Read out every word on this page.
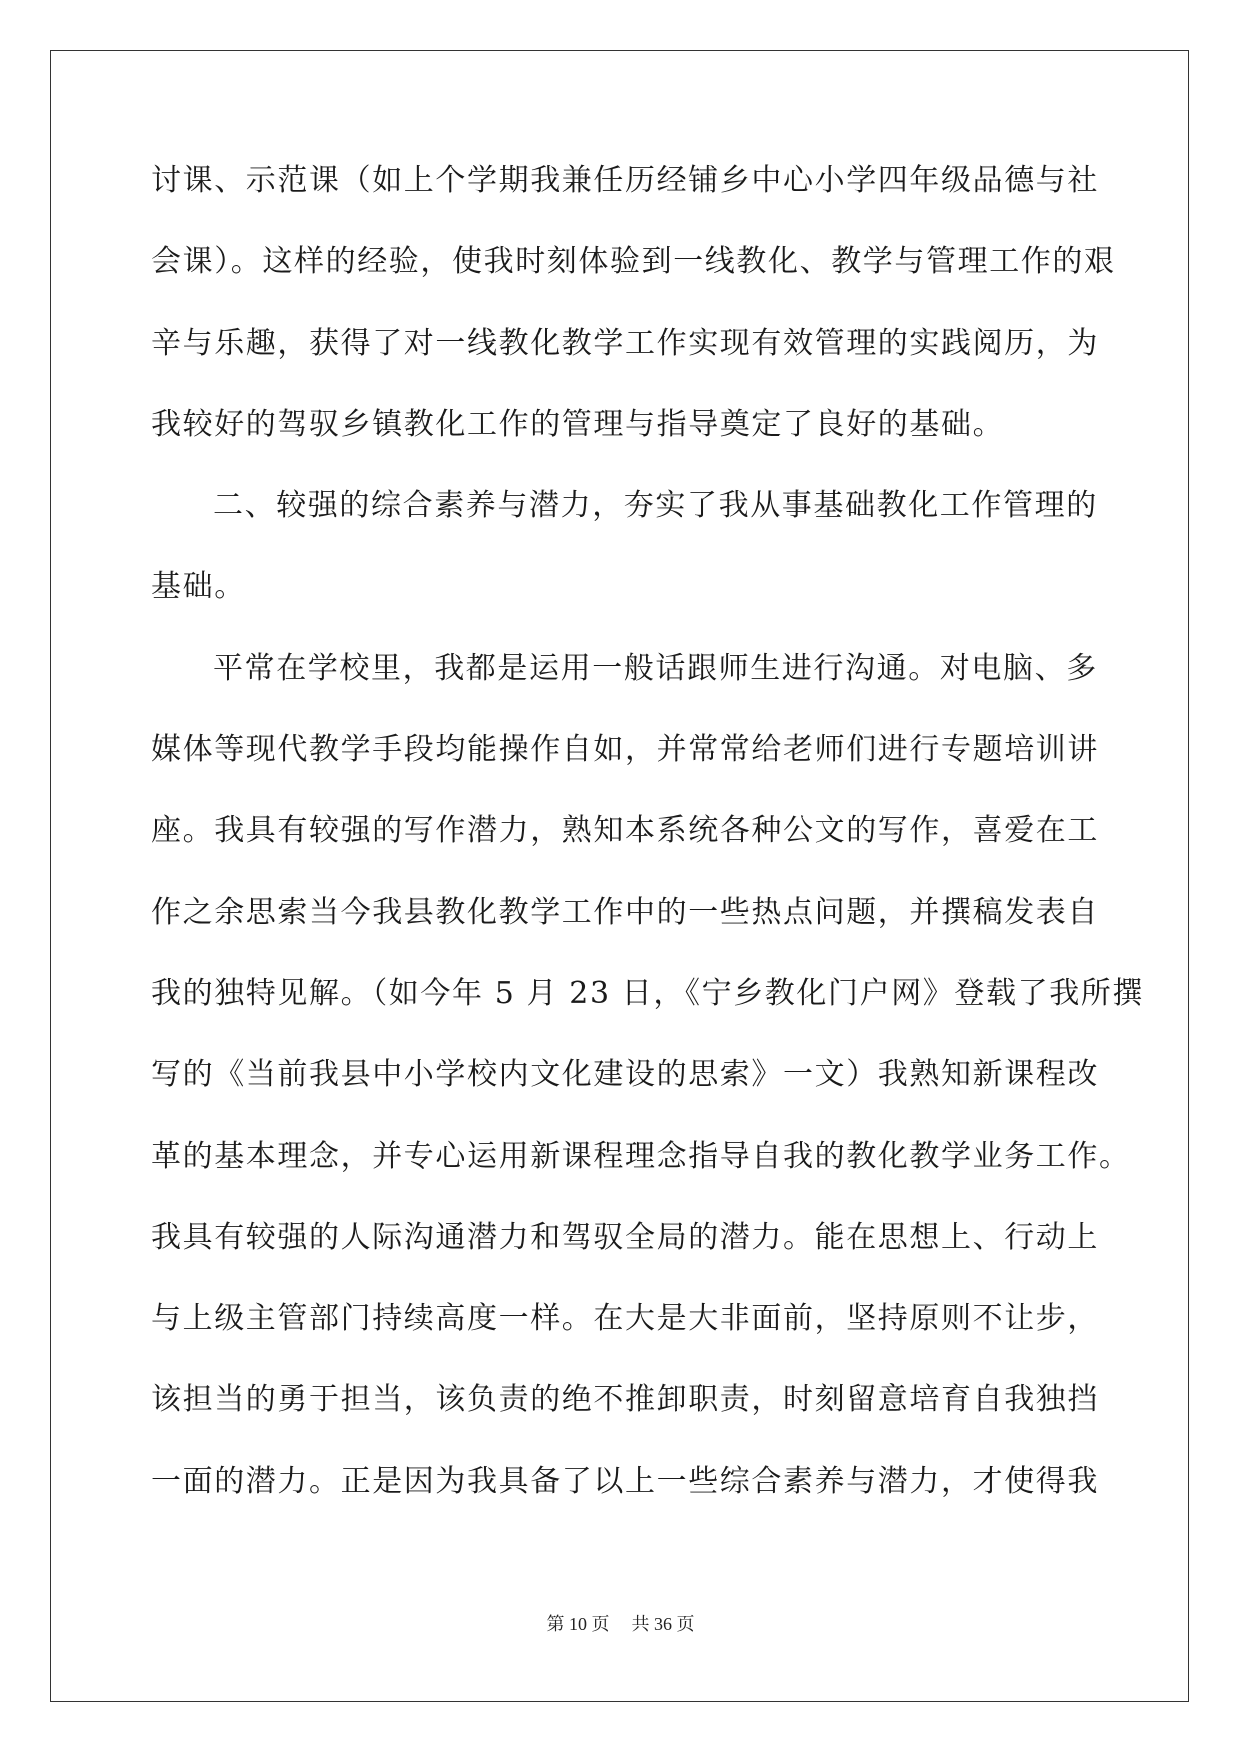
讨课、示范课（如上个学期我兼任历经铺乡中心小学四年级品德与社
会课）。这样的经验，使我时刻体验到一线教化、教学与管理工作的艰
辛与乐趣，获得了对一线教化教学工作实现有效管理的实践阅历，为
我较好的驾驭乡镇教化工作的管理与指导奠定了良好的基础。
二、较强的综合素养与潜力，夯实了我从事基础教化工作管理的
基础。
平常在学校里，我都是运用一般话跟师生进行沟通。对电脑、多
媒体等现代教学手段均能操作自如，并常常给老师们进行专题培训讲
座。我具有较强的写作潜力，熟知本系统各种公文的写作，喜爱在工
作之余思索当今我县教化教学工作中的一些热点问题，并撰稿发表自
我的独特见解。（如今年 5 月 23 日，《宁乡教化门户网》登载了我所撰
写的《当前我县中小学校内文化建设的思索》一文）我熟知新课程改
革的基本理念，并专心运用新课程理念指导自我的教化教学业务工作。
我具有较强的人际沟通潜力和驾驭全局的潜力。能在思想上、行动上
与上级主管部门持续高度一样。在大是大非面前，坚持原则不让步，
该担当的勇于担当，该负责的绝不推卸职责，时刻留意培育自我独挡
一面的潜力。正是因为我具备了以上一些综合素养与潜力，才使得我
第 10 页 共 36 页
